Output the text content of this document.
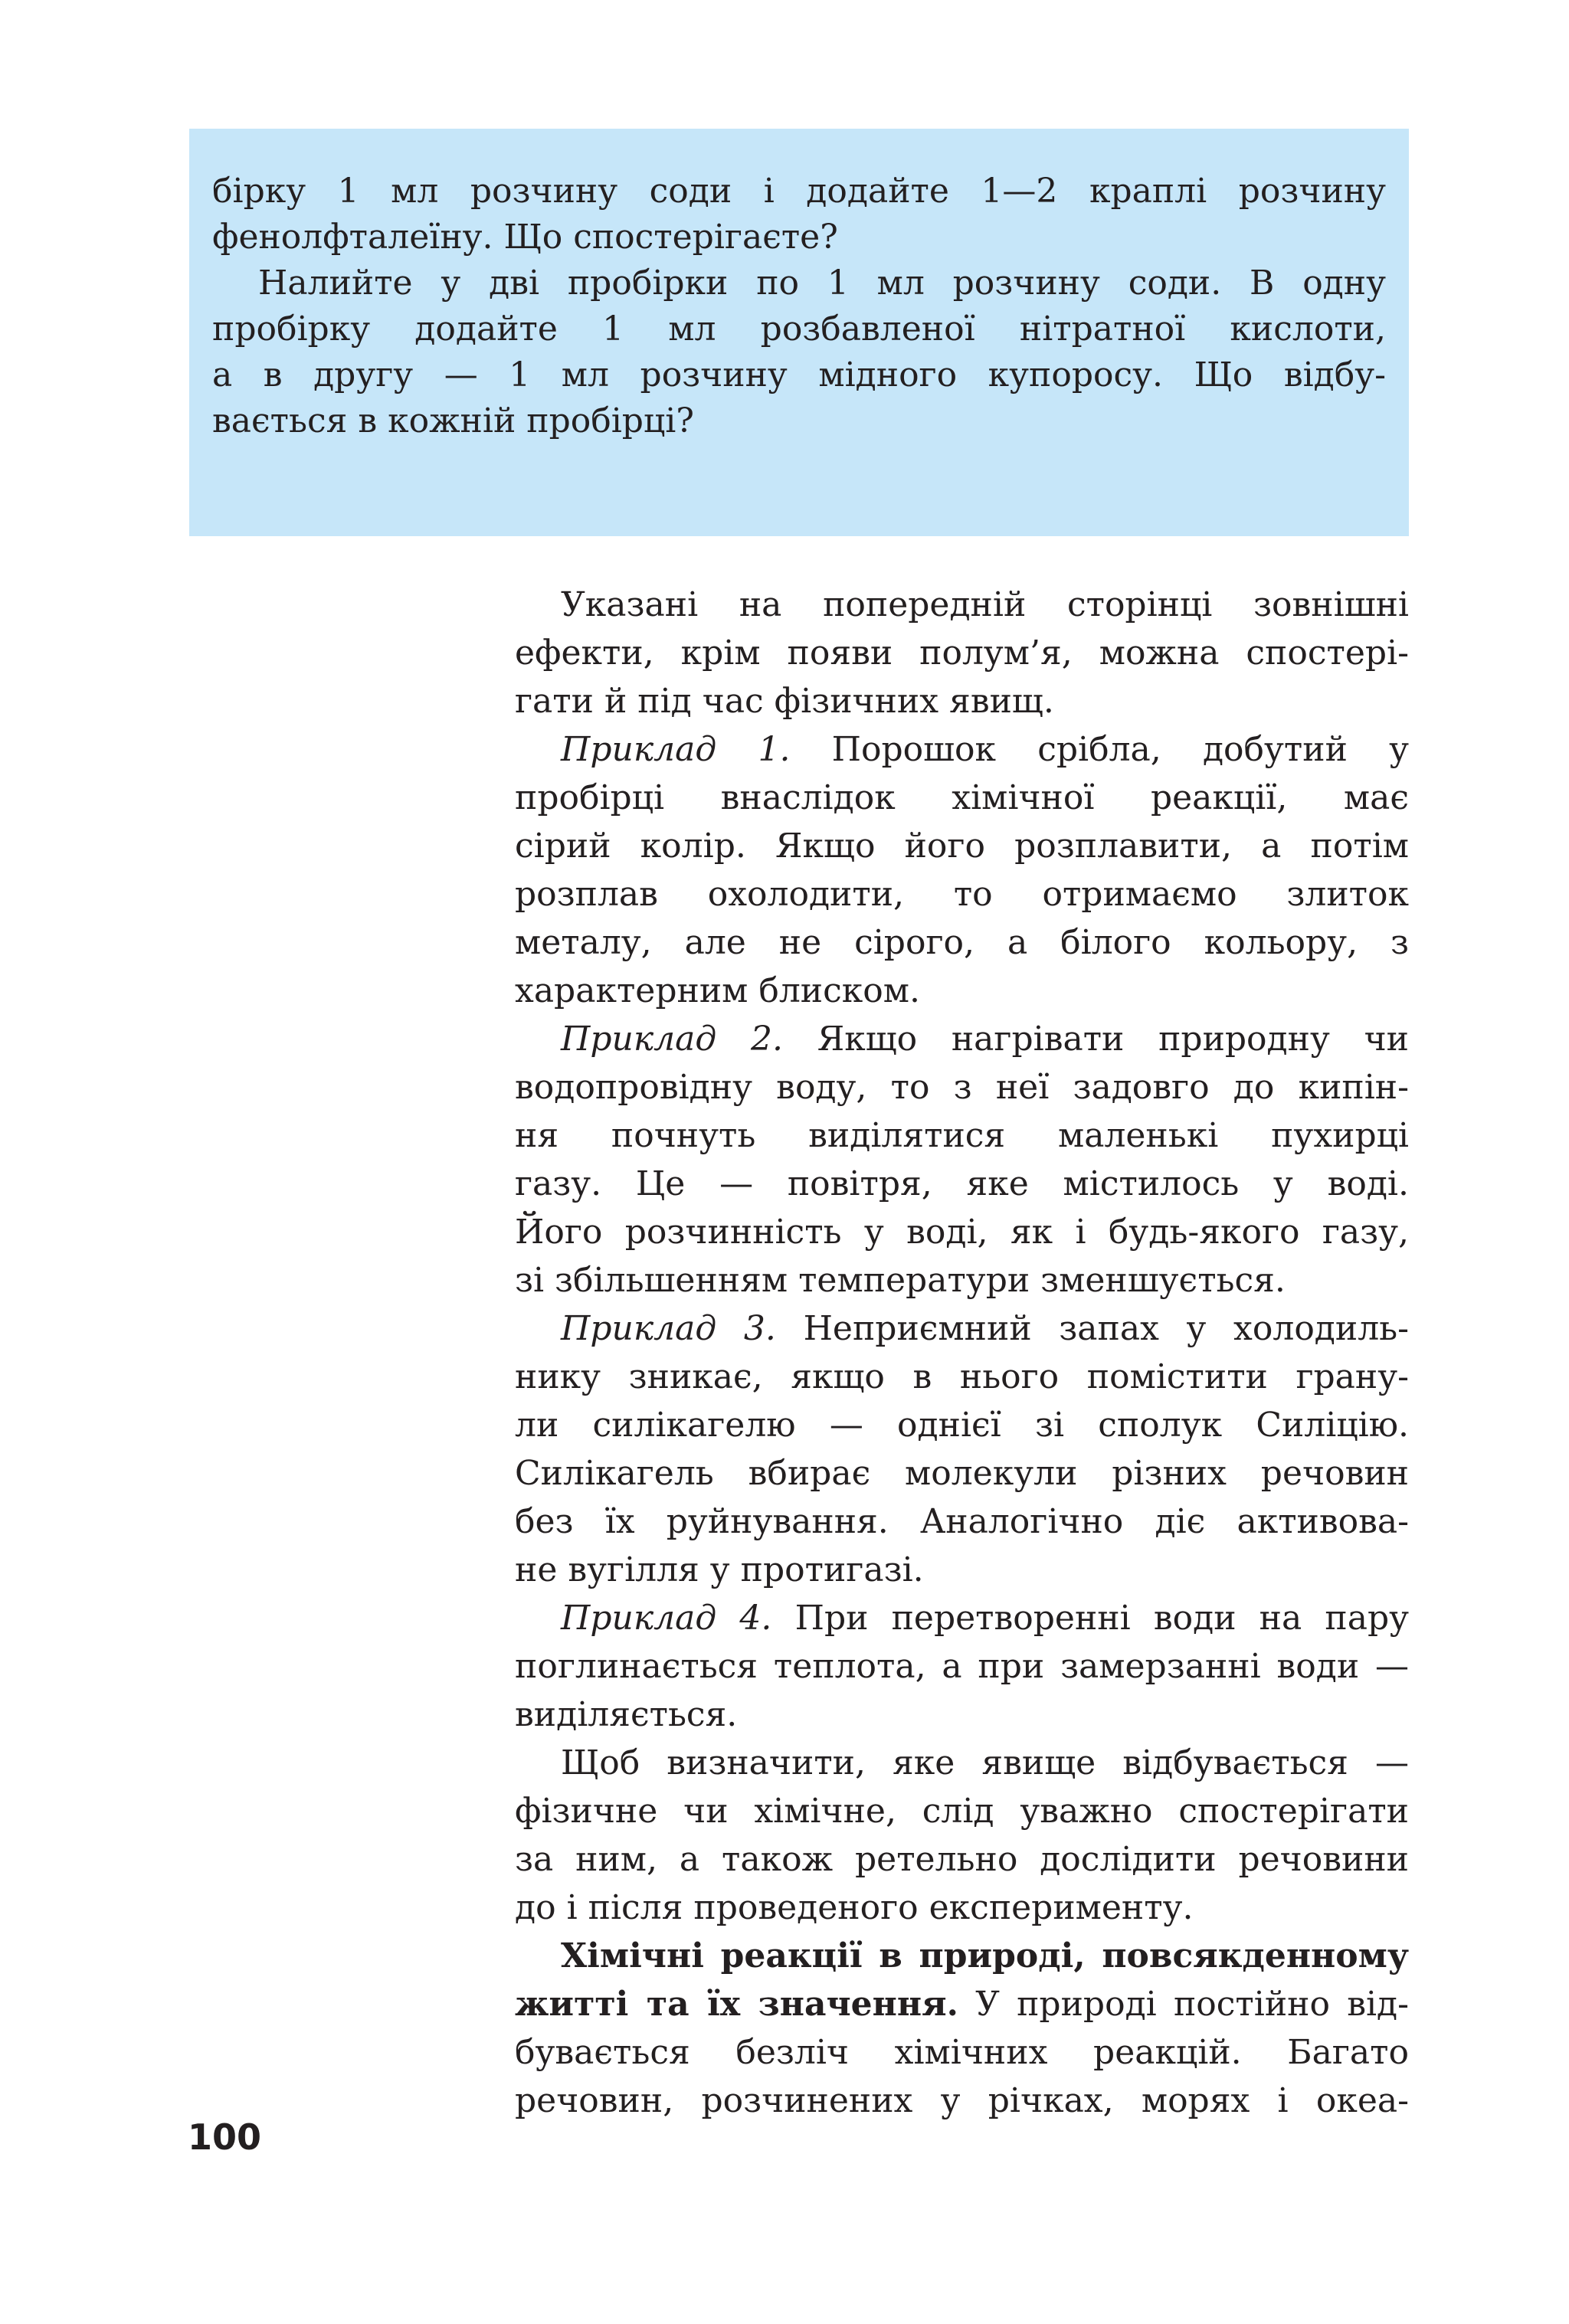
бірку 1 мл розчину соди і додайте 1—2 краплі розчину

фенолфталеїну. Що спостерігаєте?

Налийте у дві пробірки по 1 мл розчину соди. В одну

пробірку додайте 1 мл розбавленої нітратної кислоти,

а в другу — 1 мл розчину мідного купоросу. Що відбу-

вається в кожній пробірці?

Указані на попередній сторінці зовнішні
ефекти, крім появи полум’я, можна спостері-
гати й під час фізичних явищ.

Приклад 1. Порошок срібла, добутий у
пробірці внаслідок хімічної реакції, має
сірий колір. Якщо його розплавити, а потім
розплав охолодити, то отримаємо злиток
металу, але не сірого, а білого кольору, з
характерним блиском.

Приклад 2. Якщо нагрівати природну чи
водопровідну воду, то з неї задовго до кипін-
ня почнуть виділятися маленькі пухирці
газу. Це — повітря, яке містилось у воді.
Його розчинність у воді, як і будь-якого газу,
зі збільшенням температури зменшується.

Приклад 3. Неприємний запах у холодиль-
нику зникає, якщо в нього помістити грану-
ли силікагелю — однієї зі сполук Силіцію.
Силікагель вбирає молекули різних речовин
без їх руйнування. Аналогічно діє активова-
не вугілля у протигазі.

Приклад 4. При перетворенні води на пару
поглинається теплота, а при замерзанні води —
виділяється.

Щоб визначити, яке явище відбувається —
фізичне чи хімічне, слід уважно спостерігати
за ним, а також ретельно дослідити речовини
до і після проведеного експерименту.

Хімічні реакції в природі, повсякденному
житті та їх значення. У природі постійно від-
бувається безліч хімічних реакцій. Багато
речовин, розчинених у річках, морях і океа-

100
